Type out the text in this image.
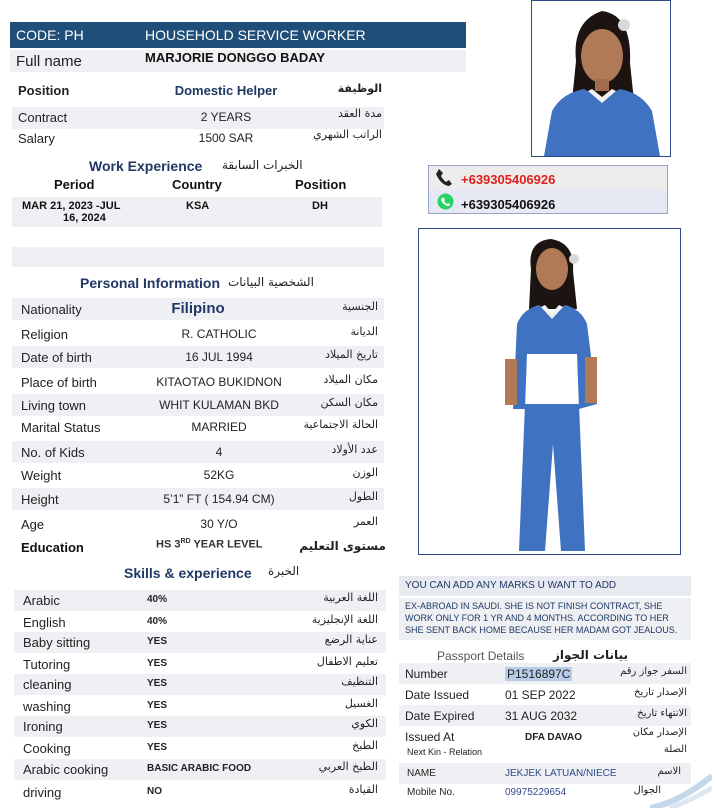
CODE: PH	HOUSEHOLD SERVICE WORKER
Full name	MARJORIE DONGGO BADAY
Position	Domestic Helper	الوظيفة
Contract	2 YEARS	مدة العقد
Salary	1500 SAR	الراتب الشهري
Work Experience الخبرات السابقة
Period	Country	Position
MAR 21, 2023 -JUL
16, 2024
KSA	DH
+639305406926
+639305406926
Personal Information الشخصية البيانات
Nationality	Filipino	الجنسية
Religion	R. CATHOLIC	الديانة
Date of birth	16 JUL 1994	تاريخ الميلاد
Place of birth	KITAOTAO BUKIDNON	مكان الميلاد
Living town	WHIT KULAMAN BKD	مكان السكن
Marital Status	MARRIED	الحالة الاجتماعية
No. of Kids	4	عدد الأولاد
Weight	52KG	الوزن
Height	5’1” FT ( 154.94 CM)	الطول
Age	30 Y/O	العمر
Education	HS 3RD YEAR LEVEL	مستوى التعليم
Skills & experience الخبرة
Arabic	40%	اللغة العربية
English	40%	اللغة الإنجليزية
Baby sitting	YES	عناية الرضع
Tutoring	YES	تعليم الاطفال
cleaning	YES	التنظيف
washing	YES	الغسيل
Ironing	YES	الكوي
Cooking	YES	الطبخ
Arabic cooking	BASIC ARABIC FOOD	الطبخ العربي
driving	NO	القيادة
YOU CAN ADD ANY MARKS U WANT TO ADD
EX-ABROAD IN SAUDI. SHE IS NOT FINISH CONTRACT, SHE WORK ONLY FOR 1 YR AND 4 MONTHS. ACCORDING TO HER SHE SENT BACK HOME BECAUSE HER MADAM GOT JEALOUS.
Passport Details بيانات الجواز
Number	P1516897C	السفر جواز رقم
Date Issued	01 SEP 2022	الإصدار تاريخ
Date Expired	31 AUG 2032	الانتهاء تاريخ
Issued At	DFA DAVAO	الإصدار مكان
Next Kin - Relation	الصلة
NAME	JEKJEK LATUAN/NIECE	الاسم
Mobile No.	09975229654	الجوال
